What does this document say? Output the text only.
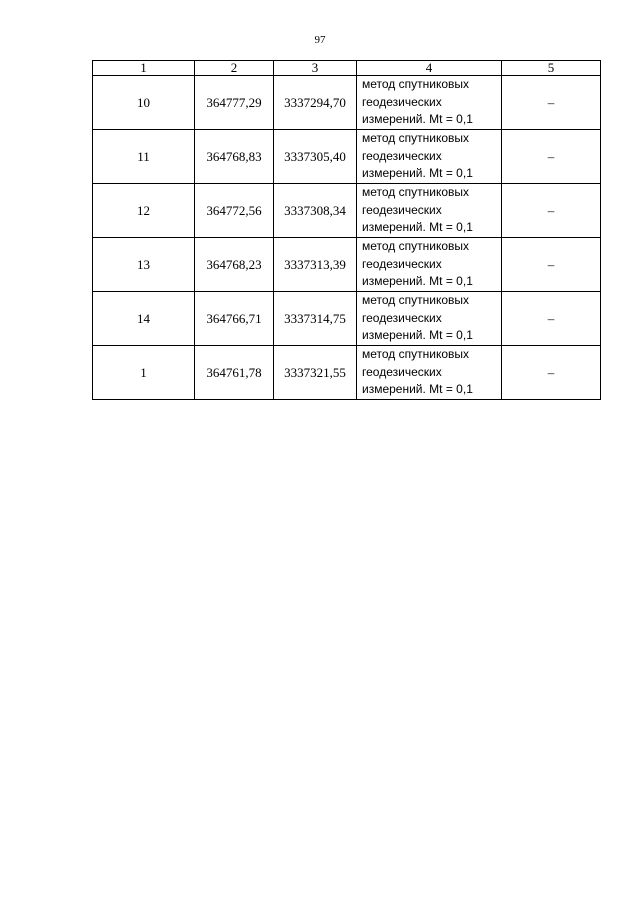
97
1	2	3	4	5
10	364777,29	3337294,70	метод спутниковых
геодезических
измерений. Mt = 0,1	–
11	364768,83	3337305,40	метод спутниковых
геодезических
измерений. Mt = 0,1	–
12	364772,56	3337308,34	метод спутниковых
геодезических
измерений. Mt = 0,1	–
13	364768,23	3337313,39	метод спутниковых
геодезических
измерений. Mt = 0,1	–
14	364766,71	3337314,75	метод спутниковых
геодезических
измерений. Mt = 0,1	–
1	364761,78	3337321,55	метод спутниковых
геодезических
измерений. Mt = 0,1	–
